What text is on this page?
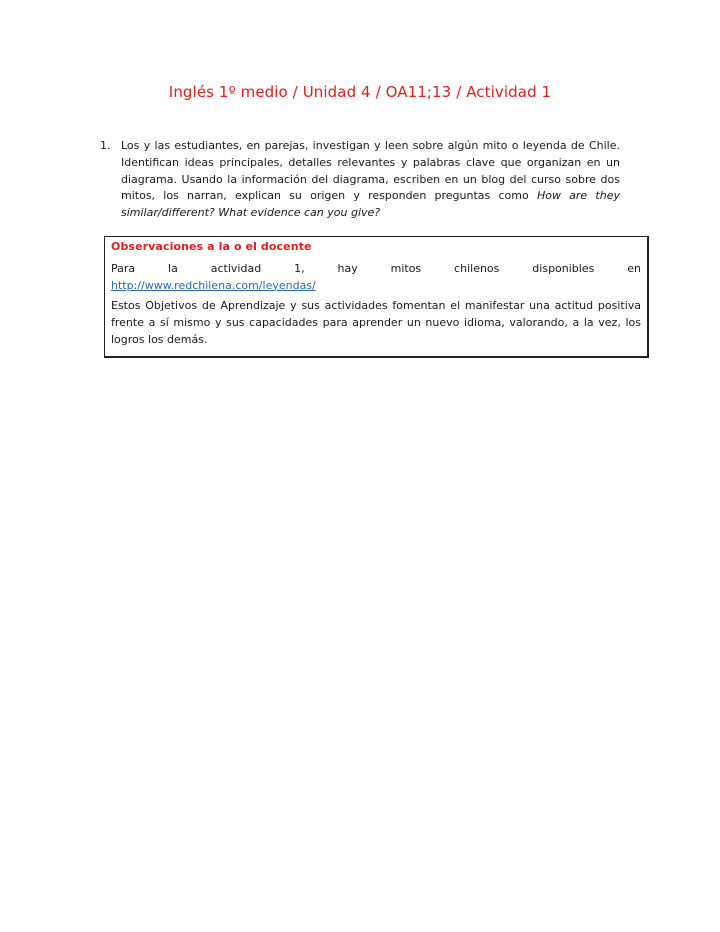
Inglés 1º medio / Unidad 4 / OA11;13 / Actividad 1
1. Los y las estudiantes, en parejas, investigan y leen sobre algún mito o leyenda de Chile. Identifican ideas principales, detalles relevantes y palabras clave que organizan en un diagrama. Usando la información del diagrama, escriben en un blog del curso sobre dos mitos, los narran, explican su origen y responden preguntas como How are they similar/different? What evidence can you give?
Observaciones a la o el docente

Para la actividad 1, hay mitos chilenos disponibles en

http://www.redchilena.com/leyendas/

Estos Objetivos de Aprendizaje y sus actividades fomentan el manifestar una actitud positiva frente a sí mismo y sus capacidades para aprender un nuevo idioma, valorando, a la vez, los logros los demás.
